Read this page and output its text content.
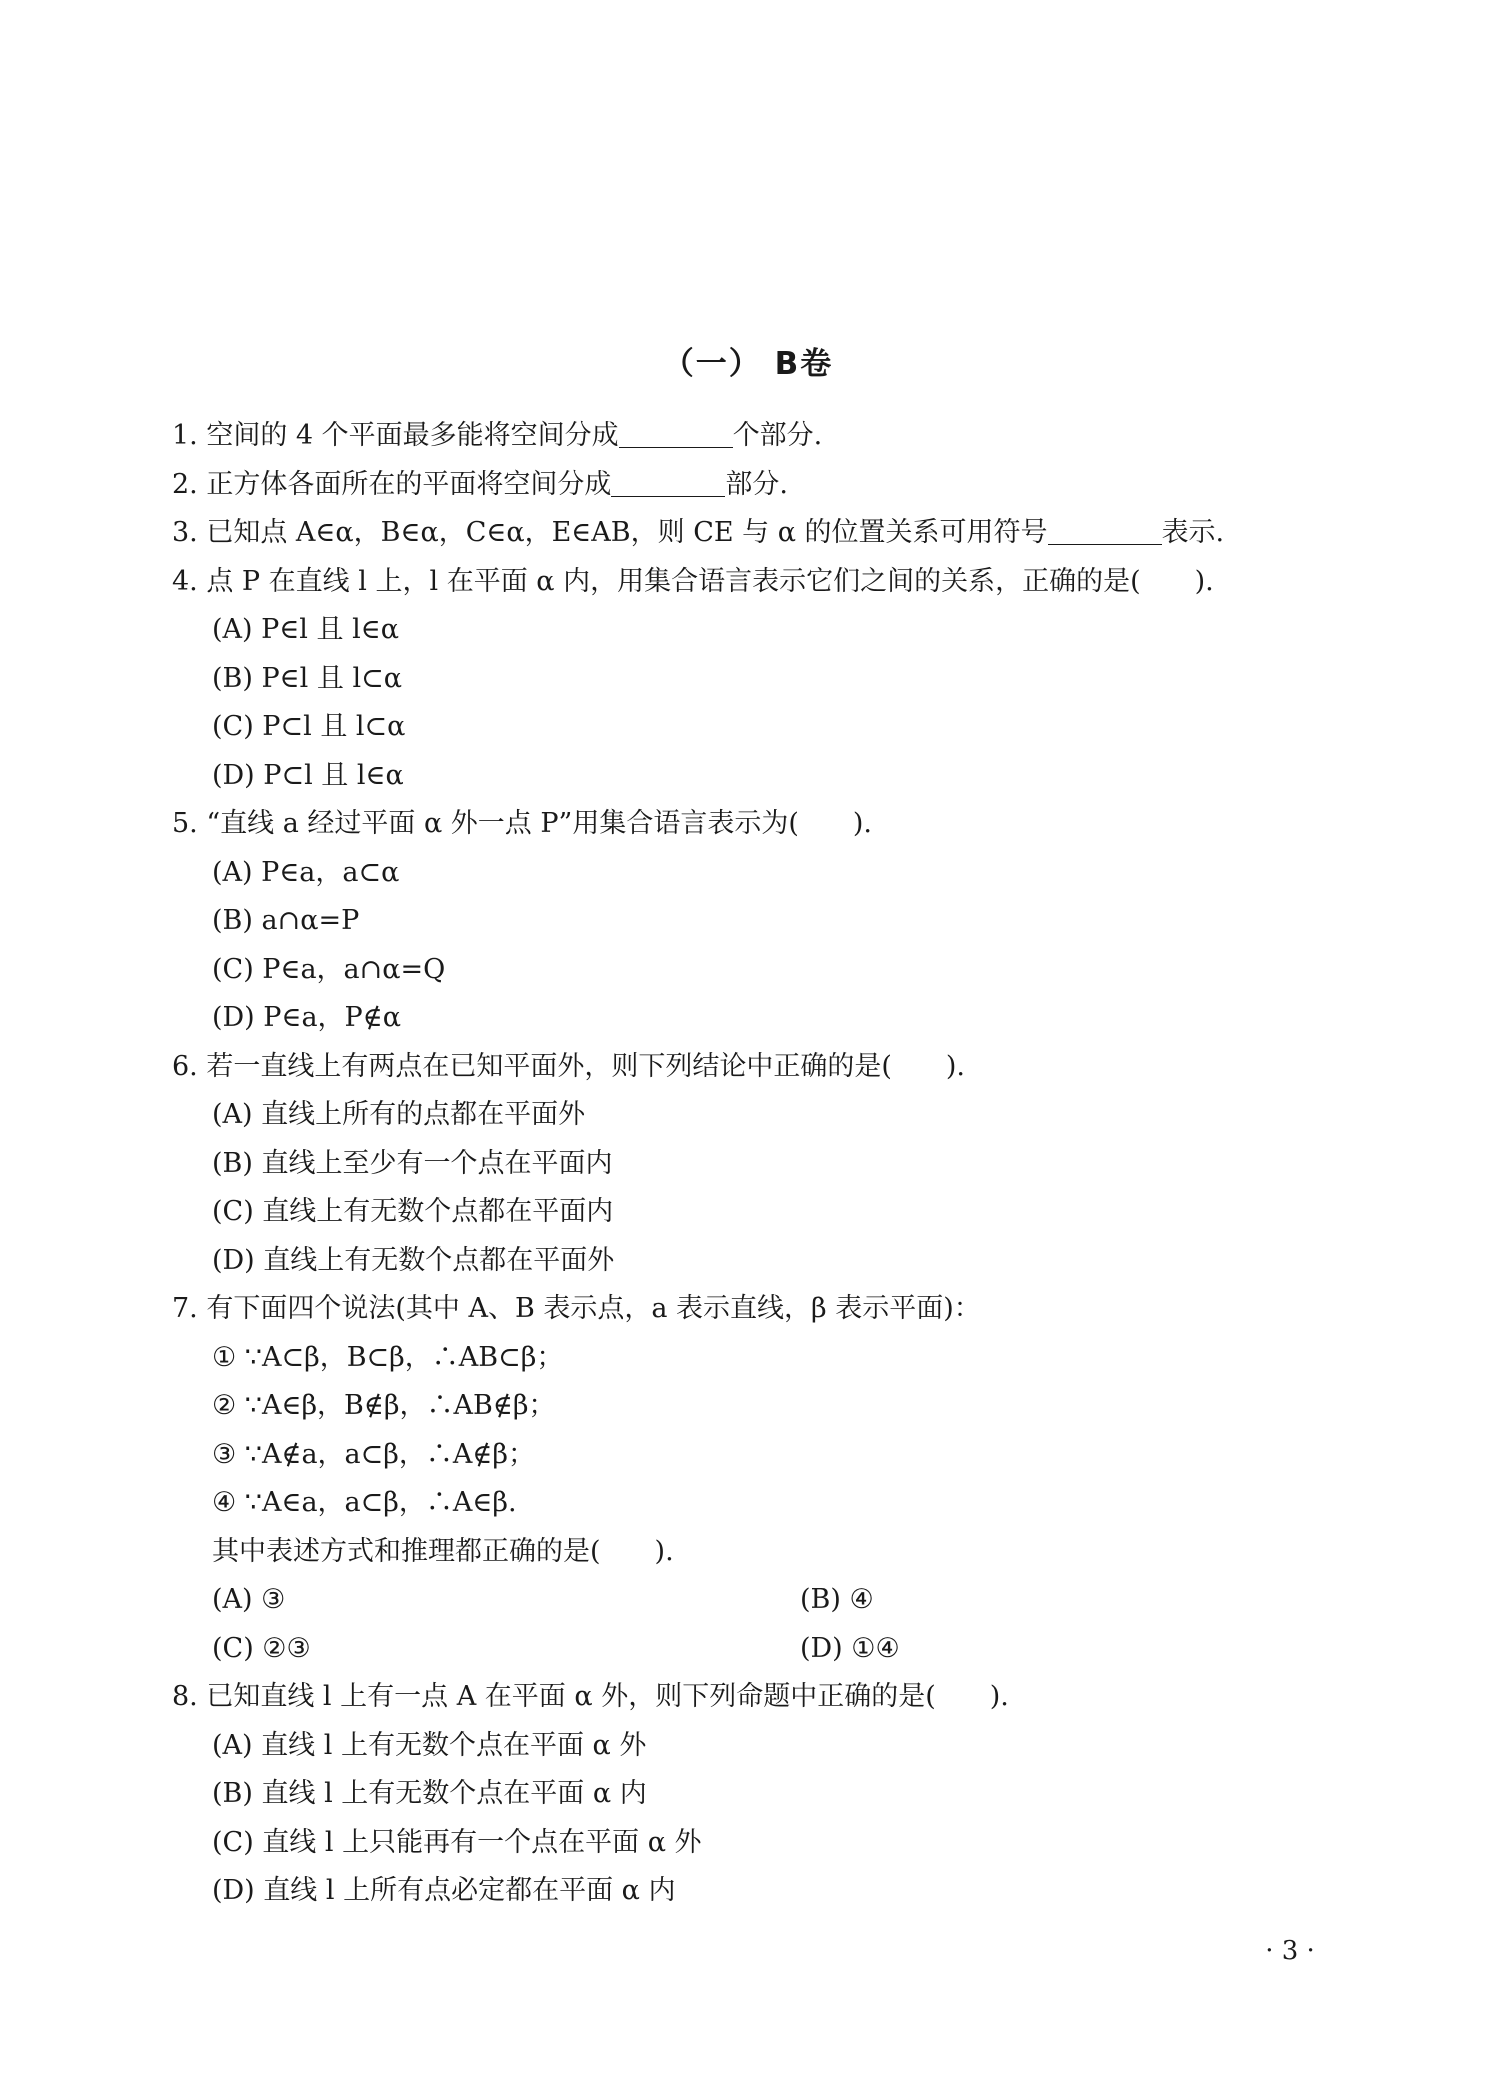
（一） B卷
1. 空间的 4 个平面最多能将空间分成	个部分.
2. 正方体各面所在的平面将空间分成	部分.
3. 已知点 A∈α，B∈α，C∈α，E∈AB，则 CE 与 α 的位置关系可用符号	表示.
4. 点 P 在直线 l 上，l 在平面 α 内，用集合语言表示它们之间的关系，正确的是(　　).
(A) P∈l 且 l∈α
(B) P∈l 且 l⊂α
(C) P⊂l 且 l⊂α
(D) P⊂l 且 l∈α
5. “直线 a 经过平面 α 外一点 P”用集合语言表示为(　　).
(A) P∈a，a⊂α
(B) a∩α=P
(C) P∈a，a∩α=Q
(D) P∈a，P∉α
6. 若一直线上有两点在已知平面外，则下列结论中正确的是(　　).
(A) 直线上所有的点都在平面外
(B) 直线上至少有一个点在平面内
(C) 直线上有无数个点都在平面内
(D) 直线上有无数个点都在平面外
7. 有下面四个说法(其中 A、B 表示点，a 表示直线，β 表示平面)：
① ∵A⊂β，B⊂β，∴AB⊂β；
② ∵A∈β，B∉β，∴AB∉β；
③ ∵A∉a，a⊂β，∴A∉β；
④ ∵A∈a，a⊂β，∴A∈β.
其中表述方式和推理都正确的是(　　).
(A) ③	(B) ④
(C) ②③	(D) ①④
8. 已知直线 l 上有一点 A 在平面 α 外，则下列命题中正确的是(　　).
(A) 直线 l 上有无数个点在平面 α 外
(B) 直线 l 上有无数个点在平面 α 内
(C) 直线 l 上只能再有一个点在平面 α 外
(D) 直线 l 上所有点必定都在平面 α 内
· 3 ·
